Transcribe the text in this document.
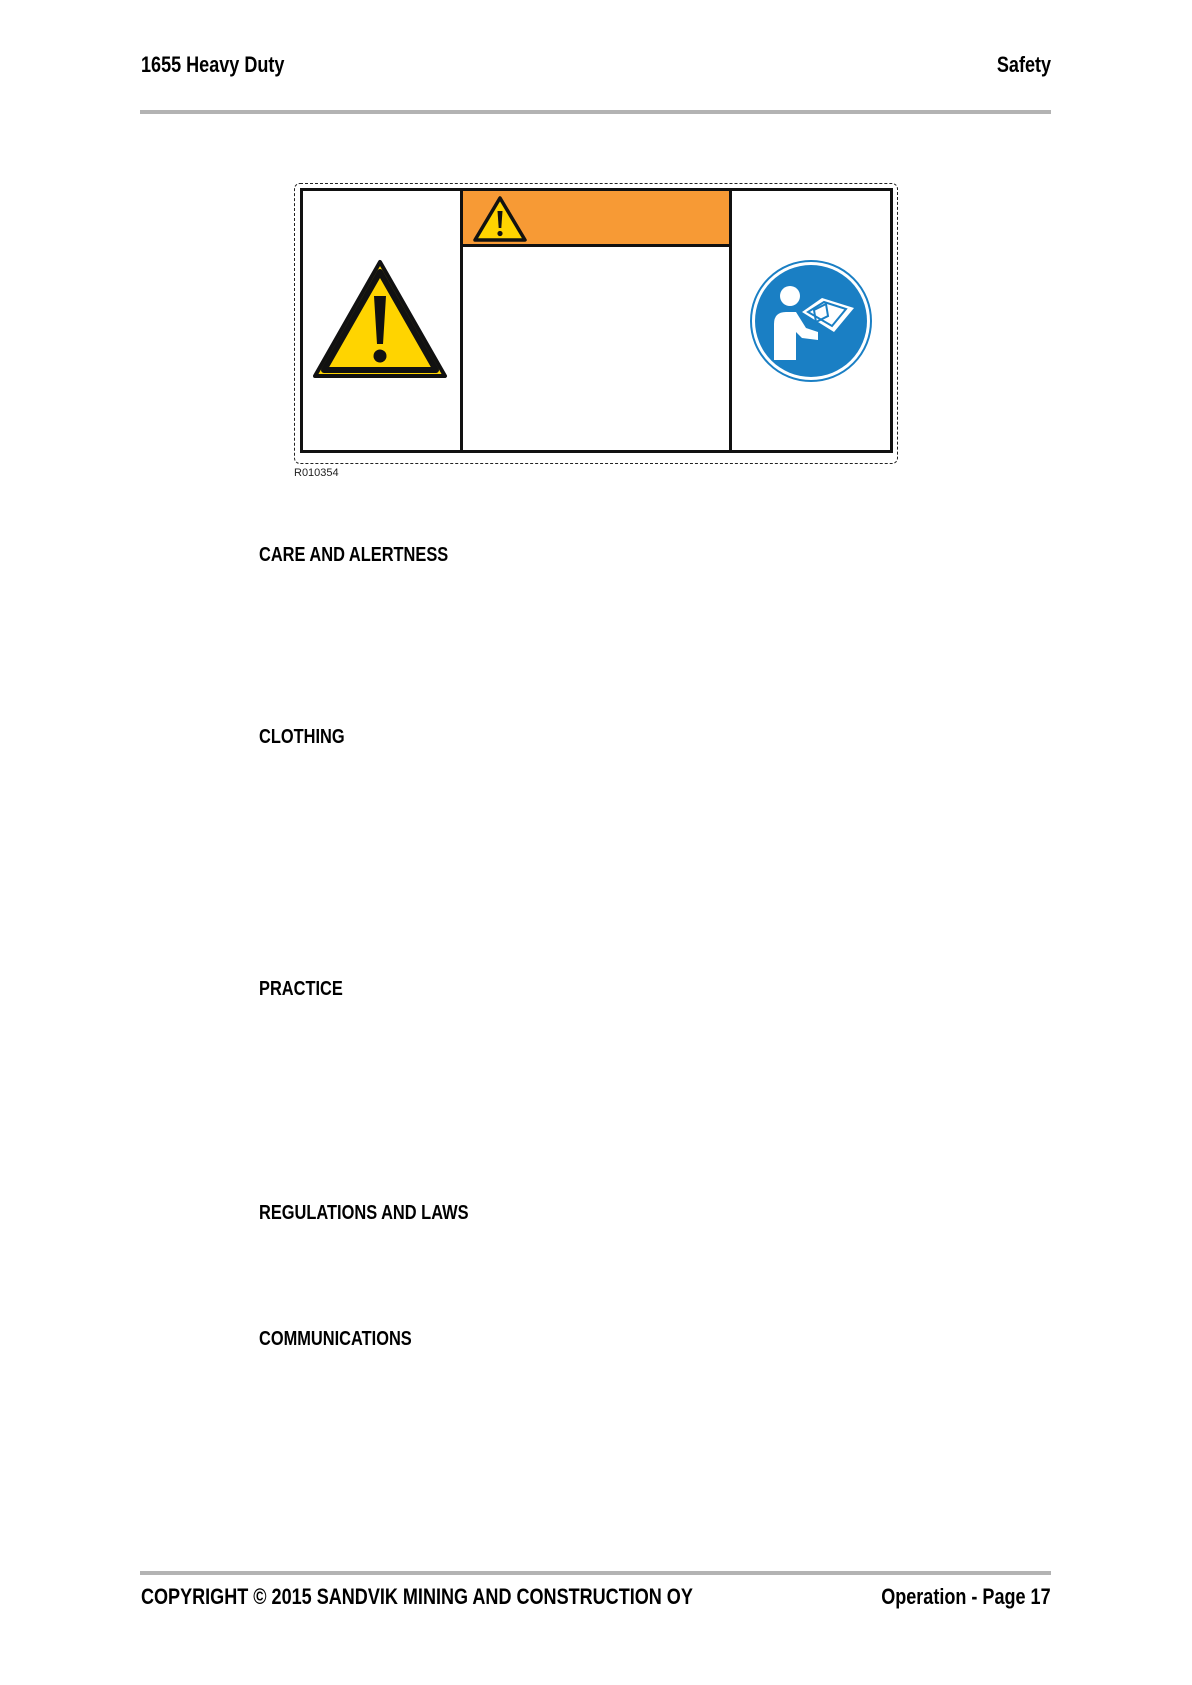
1655 Heavy Duty	Safety
R010354
CARE AND ALERTNESS
CLOTHING
PRACTICE
REGULATIONS AND LAWS
COMMUNICATIONS
COPYRIGHT © 2015 SANDVIK MINING AND CONSTRUCTION OY	Operation - Page 17
